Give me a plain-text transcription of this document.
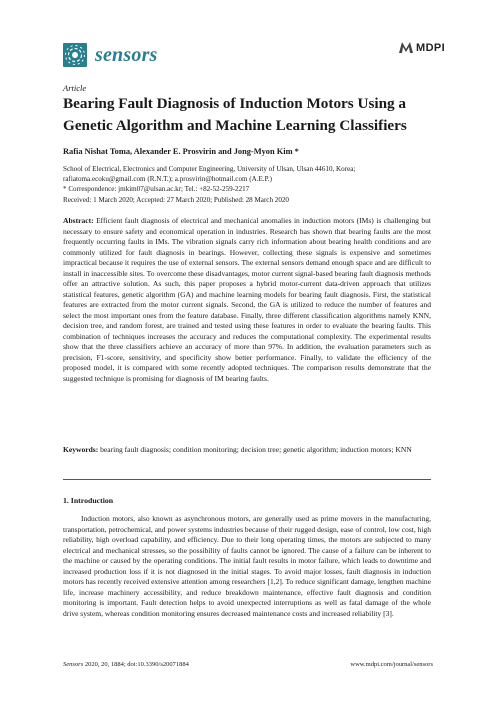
sensors	MDPI
Article
Bearing Fault Diagnosis of Induction Motors Using a Genetic Algorithm and Machine Learning Classifiers
Rafia Nishat Toma, Alexander E. Prosvirin and Jong-Myon Kim *
School of Electrical, Electronics and Computer Engineering, University of Ulsan, Ulsan 44610, Korea;
rafiatoma.ecoku@gmail.com (R.N.T.); a.prosvirin@hotmail.com (A.E.P.)
* Correspondence: jmkim07@ulsan.ac.kr; Tel.: +82-52-259-2217
Received: 1 March 2020; Accepted: 27 March 2020; Published: 28 March 2020

Abstract: Efficient fault diagnosis of electrical and mechanical anomalies in induction motors (IMs) is challenging but necessary to ensure safety and economical operation in industries. Research has shown that bearing faults are the most frequently occurring faults in IMs. The vibration signals carry rich information about bearing health conditions and are commonly utilized for fault diagnosis in bearings. However, collecting these signals is expensive and sometimes impractical because it requires the use of external sensors. The external sensors demand enough space and are difficult to install in inaccessible sites. To overcome these disadvantages, motor current signal-based bearing fault diagnosis methods offer an attractive solution. As such, this paper proposes a hybrid motor-current data-driven approach that utilizes statistical features, genetic algorithm (GA) and machine learning models for bearing fault diagnosis. First, the statistical features are extracted from the motor current signals. Second, the GA is utilized to reduce the number of features and select the most important ones from the feature database. Finally, three different classification algorithms namely KNN, decision tree, and random forest, are trained and tested using these features in order to evaluate the bearing faults. This combination of techniques increases the accuracy and reduces the computational complexity. The experimental results show that the three classifiers achieve an accuracy of more than 97%. In addition, the evaluation parameters such as precision, F1-score, sensitivity, and specificity show better performance. Finally, to validate the efficiency of the proposed model, it is compared with some recently adopted techniques. The comparison results demonstrate that the suggested technique is promising for diagnosis of IM bearing faults.

Keywords: bearing fault diagnosis; condition monitoring; decision tree; genetic algorithm; induction motors; KNN

1. Introduction

Induction motors, also known as asynchronous motors, are generally used as prime movers in the manufacturing, transportation, petrochemical, and power systems industries because of their rugged design, ease of control, low cost, high reliability, high overload capability, and efficiency. Due to their long operating times, the motors are subjected to many electrical and mechanical stresses, so the possibility of faults cannot be ignored. The cause of a failure can be inherent to the machine or caused by the operating conditions. The initial fault results in motor failure, which leads to downtime and increased production loss if it is not diagnosed in the initial stages. To avoid major losses, fault diagnosis in induction motors has recently received extensive attention among researchers [1,2]. To reduce significant damage, lengthen machine life, increase machinery accessibility, and reduce breakdown maintenance, effective fault diagnosis and condition monitoring is important. Fault detection helps to avoid unexpected interruptions as well as fatal damage of the whole drive system, whereas condition monitoring ensures decreased maintenance costs and increased reliability [3].

Sensors 2020, 20, 1884; doi:10.3390/s20071884	www.mdpi.com/journal/sensors
